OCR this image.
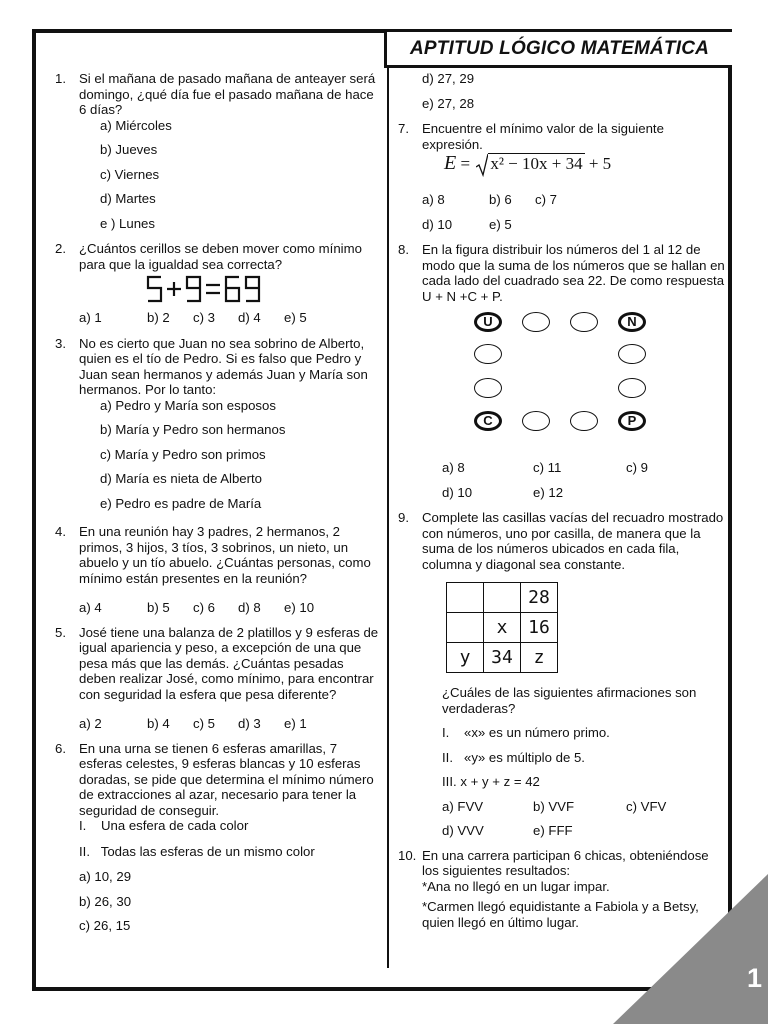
APTITUD LÓGICO MATEMÁTICA
1. Si el mañana de pasado mañana de anteayer será domingo, ¿qué día fue el pasado mañana de hace 6 días?
a) Miércoles
b) Jueves
c) Viernes
d) Martes
e ) Lunes
2. ¿Cuántos cerillos se deben mover como mínimo para que la igualdad sea correcta?
a) 1	b) 2	c) 3	d) 4	e) 5
3. No es cierto que Juan no sea sobrino de Alberto, quien es el tío de Pedro. Si es falso que Pedro y Juan sean hermanos y además Juan y María son hermanos. Por lo tanto:
a) Pedro y María son esposos
b) María y Pedro son hermanos
c) María y Pedro son primos
d) María es nieta de Alberto
e) Pedro es padre de María
4. En una reunión hay 3 padres, 2 hermanos, 2 primos, 3 hijos, 3 tíos, 3 sobrinos, un nieto, un abuelo y un tío abuelo. ¿Cuántas personas, como mínimo están presentes en la reunión?
a) 4	b) 5	c) 6	d) 8	e) 10
5. José tiene una balanza de 2 platillos y 9 esferas de igual apariencia y peso, a excepción de una que pesa más que las demás. ¿Cuántas pesadas deben realizar José, como mínimo, para encontrar con seguridad la esfera que pesa diferente?
a) 2	b) 4	c) 5	d) 3	e) 1
6. En una urna se tienen 6 esferas amarillas, 7 esferas celestes, 9 esferas blancas y 10 esferas doradas, se pide que determina el mínimo número de extracciones al azar, necesario para tener la seguridad de conseguir.
I.    Una esfera de cada color
II.   Todas las esferas de un mismo color
a) 10, 29
b) 26, 30
c) 26, 15
d) 27, 29
e) 27, 28
7. Encuentre el mínimo valor de la siguiente expresión.
E = x² − 10x + 34 + 5
a) 8	b) 6	c) 7
d) 10	e) 5
8. En la figura distribuir los números del 1 al 12 de modo que la suma de los números que se hallan en cada lado del cuadrado sea 22. De como respuesta U + N +C + P.
U	N
C	P
a) 8	c) 11	c) 9
d) 10	e) 12
9. Complete las casillas vacías del recuadro mostrado con números, uno por casilla, de manera que la suma de los números ubicados en cada fila, columna y diagonal sea constante.
		28
	x	16
y	34	z
¿Cuáles de las siguientes afirmaciones son verdaderas?
I.    «x» es un número primo.
II.   «y» es múltiplo de 5.
III. x + y + z = 42
a) FVV	b) VVF	c) VFV
d) VVV	e) FFF
10. En una carrera participan 6 chicas, obteniéndose los siguientes resultados:
*Ana no llegó en un lugar impar.
*Carmen llegó equidistante a Fabiola y a Betsy, quien llegó en último lugar.
1
